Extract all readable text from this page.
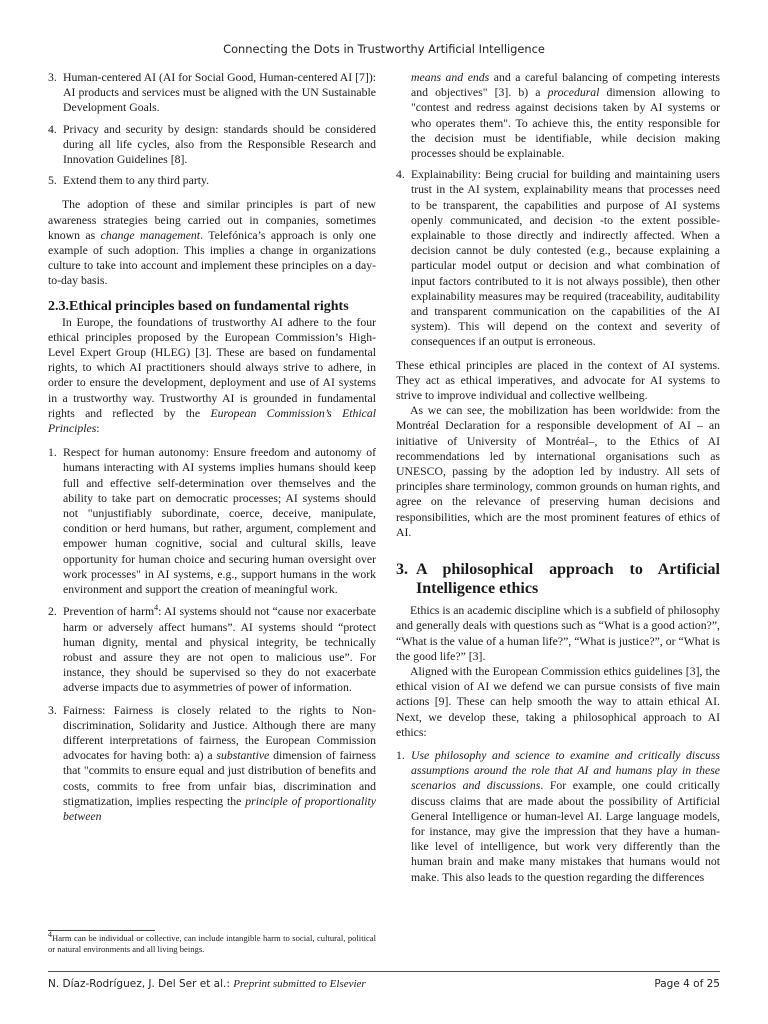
Connecting the Dots in Trustworthy Artificial Intelligence
3. Human-centered AI (AI for Social Good, Human-centered AI [7]): AI products and services must be aligned with the UN Sustainable Development Goals.

4. Privacy and security by design: standards should be considered during all life cycles, also from the Responsible Research and Innovation Guidelines [8].

5. Extend them to any third party.

The adoption of these and similar principles is part of new awareness strategies being carried out in companies, sometimes known as change management. Telefónica’s approach is only one example of such adoption. This implies a change in organizations culture to take into account and implement these principles on a day-to-day basis.

2.3. Ethical principles based on fundamental rights

In Europe, the foundations of trustworthy AI adhere to the four ethical principles proposed by the European Commission’s High-Level Expert Group (HLEG) [3]. These are based on fundamental rights, to which AI practitioners should always strive to adhere, in order to ensure the development, deployment and use of AI systems in a trustworthy way. Trustworthy AI is grounded in fundamental rights and reflected by the European Commission’s Ethical Principles:

1. Respect for human autonomy: Ensure freedom and autonomy of humans interacting with AI systems implies humans should keep full and effective self-determination over themselves and the ability to take part on democratic processes; AI systems should not "unjustifiably subordinate, coerce, deceive, manipulate, condition or herd humans, but rather, argument, complement and empower human cognitive, social and cultural skills, leave opportunity for human choice and securing human oversight over work processes" in AI systems, e.g., support humans in the work environment and support the creation of meaningful work.

2. Prevention of harm$^4$: AI systems should not “cause nor exacerbate harm or adversely affect humans”. AI systems should “protect human dignity, mental and physical integrity, be technically robust and assure they are not open to malicious use”. For instance, they should be supervised so they do not exacerbate adverse impacts due to asymmetries of power of information.

3. Fairness: Fairness is closely related to the rights to Non-discrimination, Solidarity and Justice. Although there are many different interpretations of fairness, the European Commission advocates for having both: a) a substantive dimension of fairness that "commits to ensure equal and just distribution of benefits and costs, commits to free from unfair bias, discrimination and stigmatization, implies respecting the principle of proportionality between

$^4$Harm can be individual or collective, can include intangible harm to social, cultural, political or natural environments and all living beings.

means and ends and a careful balancing of competing interests and objectives" [3]. b) a procedural dimension allowing to "contest and redress against decisions taken by AI systems or who operates them". To achieve this, the entity responsible for the decision must be identifiable, while decision making processes should be explainable.

4. Explainability: Being crucial for building and maintaining users trust in the AI system, explainability means that processes need to be transparent, the capabilities and purpose of AI systems openly communicated, and decision -to the extent possible- explainable to those directly and indirectly affected. When a decision cannot be duly contested (e.g., because explaining a particular model output or decision and what combination of input factors contributed to it is not always possible), then other explainability measures may be required (traceability, auditability and transparent communication on the capabilities of the AI system). This will depend on the context and severity of consequences if an output is erroneous.

These ethical principles are placed in the context of AI systems. They act as ethical imperatives, and advocate for AI systems to strive to improve individual and collective wellbeing.

As we can see, the mobilization has been worldwide: from the Montréal Declaration for a responsible development of AI – an initiative of University of Montréal–, to the Ethics of AI recommendations led by international organisations such as UNESCO, passing by the adoption led by industry. All sets of principles share terminology, common grounds on human rights, and agree on the relevance of preserving human decisions and responsibilities, which are the most prominent features of ethics of AI.

3. A philosophical approach to Artificial Intelligence ethics

Ethics is an academic discipline which is a subfield of philosophy and generally deals with questions such as “What is a good action?”, “What is the value of a human life?”, “What is justice?”, or “What is the good life?” [3].

Aligned with the European Commission ethics guidelines [3], the ethical vision of AI we defend we can pursue consists of five main actions [9]. These can help smooth the way to attain ethical AI. Next, we develop these, taking a philosophical approach to AI ethics:

1. Use philosophy and science to examine and critically discuss assumptions around the role that AI and humans play in these scenarios and discussions. For example, one could critically discuss claims that are made about the possibility of Artificial General Intelligence or human-level AI. Large language models, for instance, may give the impression that they have a human-like level of intelligence, but work very differently than the human brain and make many mistakes that humans would not make. This also leads to the question regarding the differences

N. Díaz-Rodríguez, J. Del Ser et al.: Preprint submitted to Elsevier	Page 4 of 25
